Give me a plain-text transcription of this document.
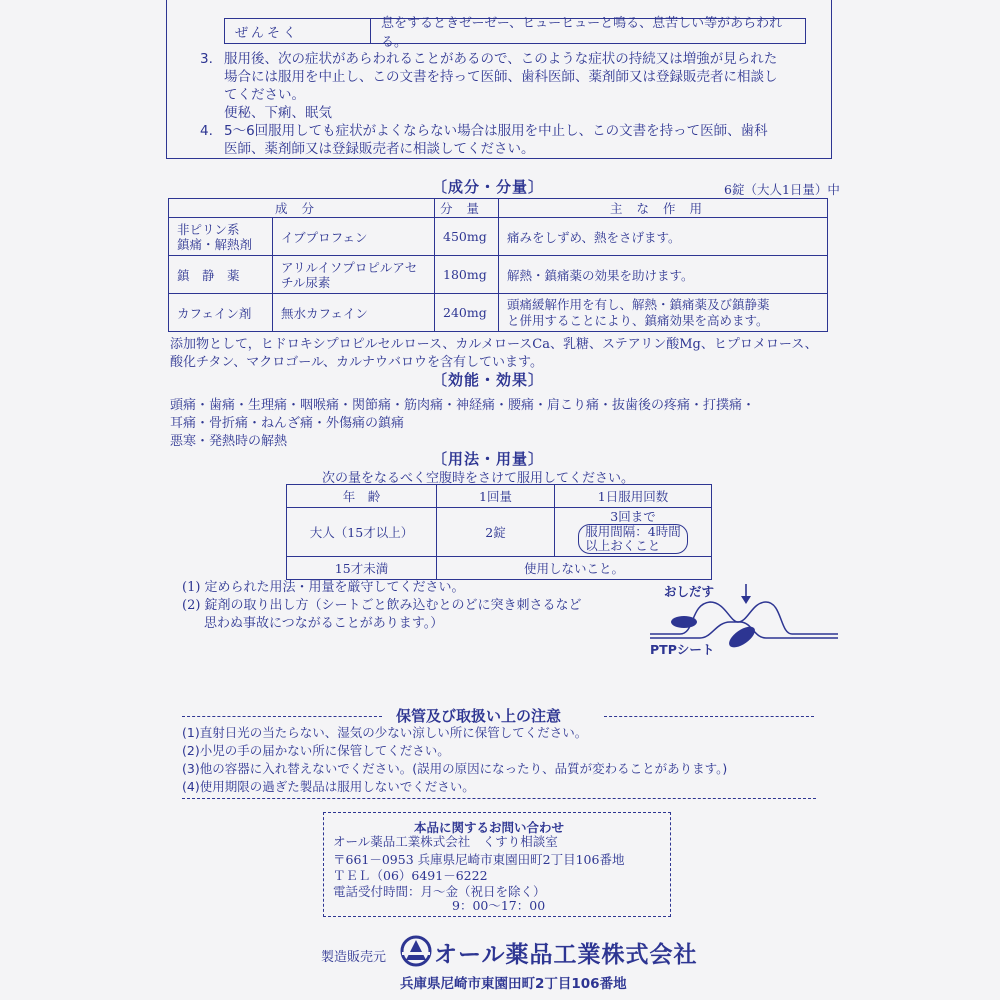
ぜんそく
息をするときゼーゼー、ヒューヒューと鳴る、息苦しい等があらわれる。
3. 服用後、次の症状があらわれることがあるので、このような症状の持続又は増強が見られた
場合には服用を中止し、この文書を持って医師、歯科医師、薬剤師又は登録販売者に相談し
てください。
便秘、下痢、眠気
4. 5～6回服用しても症状がよくならない場合は服用を中止し、この文書を持って医師、歯科
医師、薬剤師又は登録販売者に相談してください。
〔成分・分量〕	6錠（大人1日量）中
成分		分量	主な作用
非ピリン系
鎮痛・解熱剤	イブプロフェン	450mg	痛みをしずめ、熱をさげます。
鎮　静　薬	アリルイソプロピルアセ
チル尿素	180mg	解熱・鎮痛薬の効果を助けます。
カフェイン剤	無水カフェイン	240mg	頭痛緩解作用を有し、解熱・鎮痛薬及び鎮静薬
と併用することにより、鎮痛効果を高めます。
添加物として，ヒドロキシプロピルセルロース、カルメロースCa、乳糖、ステアリン酸Mg、ヒプロメロース、
酸化チタン、マクロゴール、カルナウバロウを含有しています。
〔効能・効果〕
頭痛・歯痛・生理痛・咽喉痛・関節痛・筋肉痛・神経痛・腰痛・肩こり痛・抜歯後の疼痛・打撲痛・
耳痛・骨折痛・ねんざ痛・外傷痛の鎮痛
悪寒・発熱時の解熱
〔用法・用量〕
次の量をなるべく空腹時をさけて服用してください。
年　齢	1回量	1日服用回数
大人（15才以上）	2錠	3回まで
服用間隔：4時間
以上おくこと
15才未満	使用しないこと。	
(1) 定められた用法・用量を厳守してください。
(2) 錠剤の取り出し方（シートごと飲み込むとのどに突き刺さるなど
思わぬ事故につながることがあります。）
おしだす
PTPシート
保管及び取扱い上の注意
(1)直射日光の当たらない、湿気の少ない涼しい所に保管してください。
(2)小児の手の届かない所に保管してください。
(3)他の容器に入れ替えないでください。(誤用の原因になったり、品質が変わることがあります。)
(4)使用期限の過ぎた製品は服用しないでください。
本品に関するお問い合わせ
オール薬品工業株式会社　くすり相談室
〒661－0953 兵庫県尼崎市東園田町2丁目106番地
ＴＥＬ（06）6491－6222
電話受付時間：月～金（祝日を除く）
9：00～17：00
製造販売元 オール薬品工業株式会社
兵庫県尼崎市東園田町2丁目106番地
